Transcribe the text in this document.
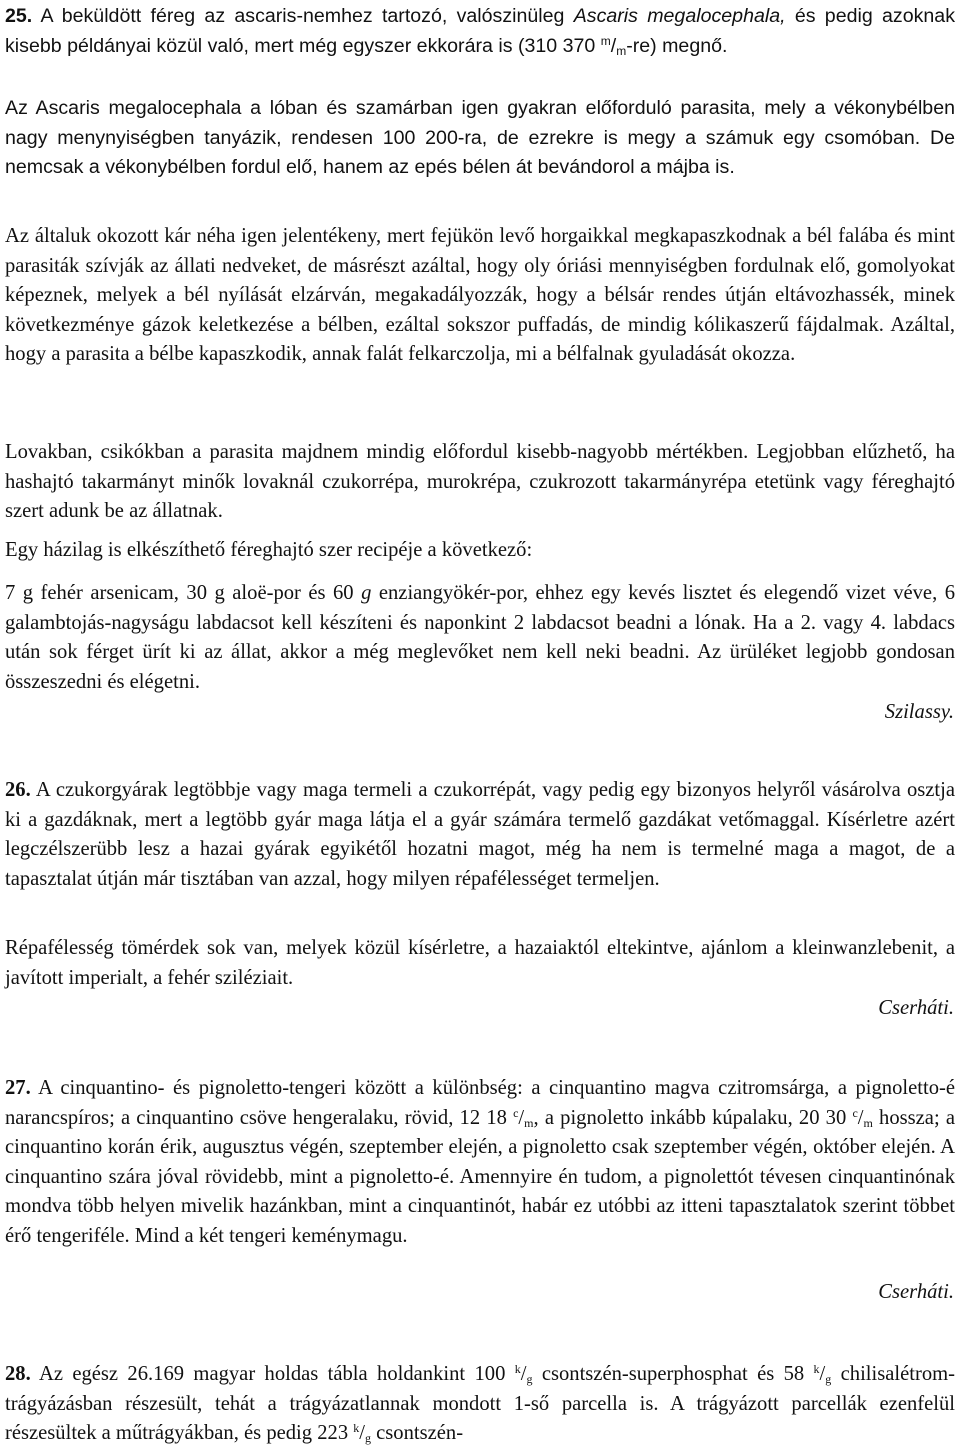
25. A beküldött féreg az ascaris-nemhez tartozó, valószinüleg Ascaris megalocephala, és pedig azoknak kisebb példányai közül való, mert még egyszer ekkorára is (310 370 $^m/_m-re$) megnő.

Az Ascaris megalocephala a lóban és szamárban igen gyakran előforduló parasita, mely a vékonybélben nagy menynyiségben tanyázik, rendesen 100 200-ra, de ezrekre is megy a számuk egy csomóban. De nemcsak a vékonybélben fordul elő, hanem az epés bélen át bevándorol a májba is.

Az általuk okozott kár néha igen jelentékeny, mert fejükön levő horgaikkal megkapaszkodnak a bél falába és mint parasiták szívják az állati nedveket, de másrészt azáltal, hogy oly óriási mennyiségben fordulnak elő, gomolyokat képeznek, melyek a bél nyílását elzárván, megakadályozzák, hogy a bélsár rendes útján eltávozhassék, minek következménye gázok keletkezése a bélben, ezáltal sokszor puffadás, de mindig kólikaszerű fájdalmak. Azáltal, hogy a parasita a bélbe kapaszkodik, annak falát felkarczolja, mi a bélfalnak gyuladását okozza.

Lovakban, csikókban a parasita majdnem mindig előfordul kisebb-nagyobb mértékben. Legjobban elűzhető, ha hashajtó takarmányt minők lovaknál czukorrépa, murokrépa, czukrozott takarmányrépa etetünk vagy féreghajtó szert adunk be az állatnak.

Egy házilag is elkészíthető féreghajtó szer recipéje a következő:

7 g fehér arsenicam, 30 g aloë-por és 60 g enziangyökér-por, ehhez egy kevés lisztet és elegendő vizet véve, 6 galambtojás-nagyságu labdacsot kell készíteni és naponkint 2 labdacsot beadni a lónak. Ha a 2. vagy 4. labdacs után sok férget ürít ki az állat, akkor a még meglevőket nem kell neki beadni. Az ürüléket legjobb gondosan összeszedni és elégetni.

Szilassy.

26. A czukorgyárak legtöbbje vagy maga termeli a czukorrépát, vagy pedig egy bizonyos helyről vásárolva osztja ki a gazdáknak, mert a legtöbb gyár maga látja el a gyár számára termelő gazdákat vetőmaggal. Kísérletre azért legczélszerübb lesz a hazai gyárak egyikétől hozatni magot, még ha nem is termelné maga a magot, de a tapasztalat útján már tisztában van azzal, hogy milyen répafélességet termeljen.

Répafélesség tömérdek sok van, melyek közül kísérletre, a hazaiaktól eltekintve, ajánlom a kleinwanzlebenit, a javított imperialt, a fehér sziléziait.

Cserháti.

27. A cinquantino- és pignoletto-tengeri között a különbség: a cinquantino magva czitromsárga, a pignoletto-é narancspíros; a cinquantino csöve hengeralaku, rövid, 12 18 $^c/_m$, a pignoletto inkább kúpalaku, 20 30 $^c/_m$ hossza; a cinquantino korán érik, augusztus végén, szeptember elején, a pignoletto csak szeptember végén, október elején. A cinquantino szára jóval rövidebb, mint a pignoletto-é. Amennyire én tudom, a pignolettót tévesen cinquantinónak mondva több helyen mivelik hazánkban, mint a cinquantinót, habár ez utóbbi az itteni tapasztalatok szerint többet érő tengeriféle. Mind a két tengeri keménymagu.

Cserháti.

28. Az egész 26.169 magyar holdas tábla holdankint 100 $^k/_g$ csontszén-superphosphat és 58 $^k/_g$ chilisalétrom-trágyázásban részesült, tehát a trágyázatlannak mondott 1-ső parcella is. A trágyázott parcellák ezenfelül részesültek a műtrágyákban, és pedig 223 $^k/_g$ csontszén-
